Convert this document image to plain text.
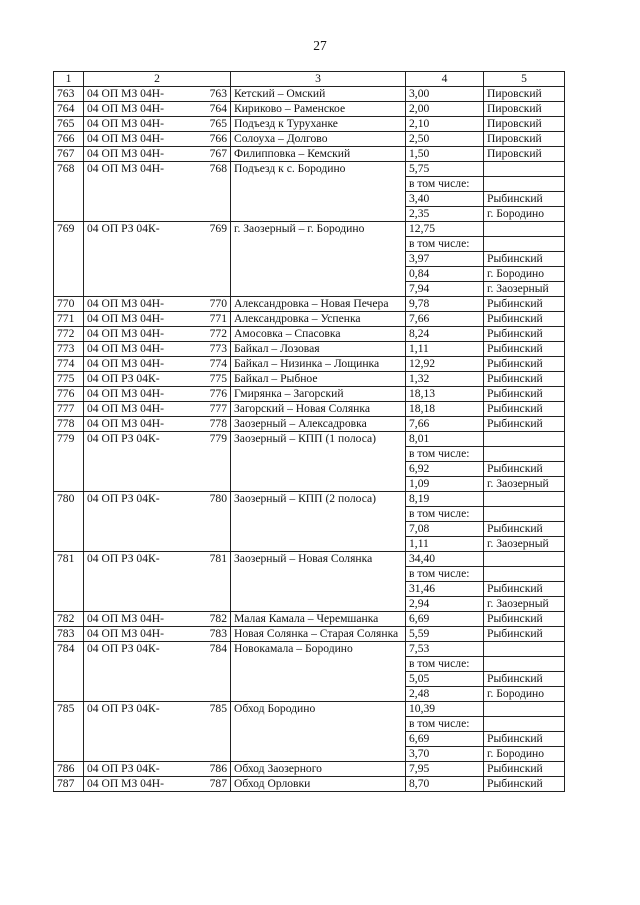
27
1	2	3	4	5
763	04 ОП МЗ 04Н- 763	Кетский – Омский	3,00	Пировский
764	04 ОП МЗ 04Н- 764	Кириково – Раменское	2,00	Пировский
765	04 ОП МЗ 04Н- 765	Подъезд к Туруханке	2,10	Пировский
766	04 ОП МЗ 04Н- 766	Солоуха – Долгово	2,50	Пировский
767	04 ОП МЗ 04Н- 767	Филипповка – Кемский	1,50	Пировский
768	04 ОП МЗ 04Н- 768	Подъезд к с. Бородино	5,75	
			в том числе:	
			3,40	Рыбинский
			2,35	г. Бородино
769	04 ОП РЗ 04К- 769	г. Заозерный – г. Бородино	12,75	
			в том числе:	
			3,97	Рыбинский
			0,84	г. Бородино
			7,94	г. Заозерный
770	04 ОП МЗ 04Н- 770	Александровка – Новая Печера	9,78	Рыбинский
771	04 ОП МЗ 04Н- 771	Александровка – Успенка	7,66	Рыбинский
772	04 ОП МЗ 04Н- 772	Амосовка – Спасовка	8,24	Рыбинский
773	04 ОП МЗ 04Н- 773	Байкал – Лозовая	1,11	Рыбинский
774	04 ОП МЗ 04Н- 774	Байкал – Низинка – Лощинка	12,92	Рыбинский
775	04 ОП РЗ 04К- 775	Байкал – Рыбное	1,32	Рыбинский
776	04 ОП МЗ 04Н- 776	Гмирянка – Загорский	18,13	Рыбинский
777	04 ОП МЗ 04Н- 777	Загорский – Новая Солянка	18,18	Рыбинский
778	04 ОП МЗ 04Н- 778	Заозерный – Алексадровка	7,66	Рыбинский
779	04 ОП РЗ 04К- 779	Заозерный – КПП (1 полоса)	8,01	
			в том числе:	
			6,92	Рыбинский
			1,09	г. Заозерный
780	04 ОП РЗ 04К- 780	Заозерный – КПП (2 полоса)	8,19	
			в том числе:	
			7,08	Рыбинский
			1,11	г. Заозерный
781	04 ОП РЗ 04К- 781	Заозерный – Новая Солянка	34,40	
			в том числе:	
			31,46	Рыбинский
			2,94	г. Заозерный
782	04 ОП МЗ 04Н- 782	Малая Камала – Черемшанка	6,69	Рыбинский
783	04 ОП МЗ 04Н- 783	Новая Солянка – Старая Солянка	5,59	Рыбинский
784	04 ОП РЗ 04К- 784	Новокамала – Бородино	7,53	
			в том числе:	
			5,05	Рыбинский
			2,48	г. Бородино
785	04 ОП РЗ 04К- 785	Обход Бородино	10,39	
			в том числе:	
			6,69	Рыбинский
			3,70	г. Бородино
786	04 ОП РЗ 04К- 786	Обход Заозерного	7,95	Рыбинский
787	04 ОП МЗ 04Н- 787	Обход Орловки	8,70	Рыбинский
